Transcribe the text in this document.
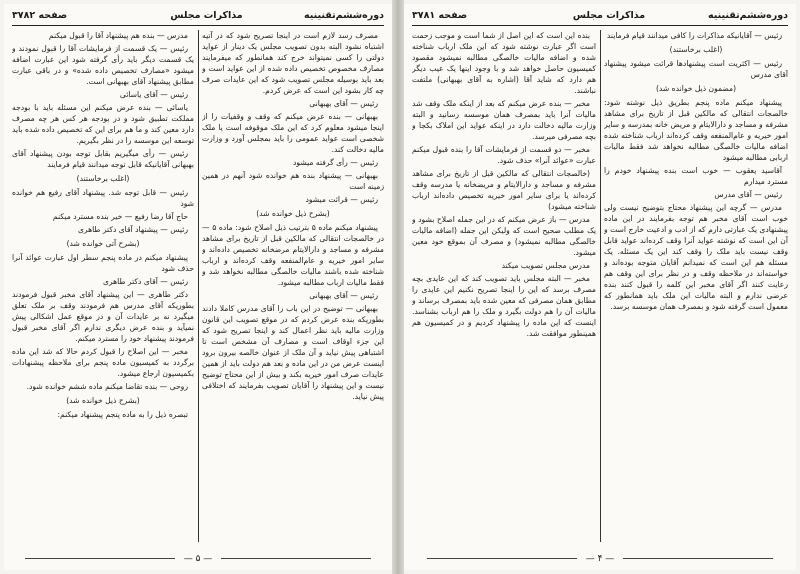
دوره‌ششم‌تقنینیه
مذاکرات مجلس
صفحه ۳۷۸۲

مصرف رسد لازم است در اینجا تصریح شود که در آتیه اشتباه نشود البته بدون تصویب مجلس یک دینار از عواید دولتی را کسی نمیتواند خرج کند همانطور که میفرمایند مصارف مخصوص تخصیص داده شده از این عواید است و بعد باید بوسیله مجلس تصویب شود که این عایدات صرف چه کار بشود این است که عرض کردم.

رئیس — آقای بهبهانی

بهبهانی — بنده عرض میکنم که وقف و وقفیات را از اینجا میشود معلوم کرد که این ملک موقوفه است یا ملک شخصی است عواید عمومی را باید بمجلس آورد و وزارت مالیه دخالت کند.

رئیس — رأی گرفته میشود

بهبهانی — پیشنهاد بنده هم خوانده شود آنهم در همین زمینه است

رئیس — قرائت میشود

(بشرح ذیل خوانده شد)

پیشنهاد میکنم ماده ۵ بترتیب ذیل اصلاح شود: ماده ۵ — در خالصجات انتقالی که مالکین قبل از تاریخ برای مشاهد مشرفه و مساجد و دارالایتام مرضخانه تخصیص داده‌اند و سایر امور خیریه و عام‌المنفعه وقف کرده‌اند و ارباب شناخته شده باشند مالیات خالصگی مطالبه نخواهد شد و فقط مالیات ارباب مطالبه میشود.

رئیس — آقای بهبهانی

بهبهانی — توضیح در این باب را آقای مدرس کاملا دادند بطوریکه بنده عرض کردم که در موقع تصویب این قانون وزارت مالیه باید نظر اعمال کند و اینجا تصریح شود که این جزء اوقاف است و مصارف آن مشخص است تا اشتباهی پیش نیاید و آن ملک از عنوان خالصه بیرون برود اینست عرض من در این ماده و بعد هم دولت باید از همین عایدات صرف امور خیریه بکند و بیش از این محتاج توضیح نیست و این پیشنهاد را آقایان تصویب بفرمایند که اختلافی پیش نیاید.

مدرس — بنده هم پیشنهاد آقا را قبول میکنم

رئیس — یک قسمت از فرمایشات آقا را قبول نمودند و یک قسمت دیگر باید رأی گرفته شود این عبارت اضافه میشود «مصارف تخصیص داده شده» و در باقی عبارت مطابق پیشنهاد آقای بهبهانی است.

رئیس — آقای یاسائی

یاسائی — بنده عرض میکنم این مسئله باید با بودجه مملکت تطبیق شود و در بودجه هر کس هر چه مصرف دارد معین کند و ما هم برای این که تخصیص داده شده باید توسعه این موسسه را در نظر بگیریم.

رئیس — رأی میگیریم بقابل توجه بودن پیشنهاد آقای بهبهانی آقایانیکه قابل توجه میدانند قیام فرمایند

(اغلب برخاستند)

رئیس — قابل توجه شد. پیشنهاد آقای رفیع هم خوانده شود

حاج آقا رضا رفیع — خیر بنده مسترد میکنم

رئیس — پیشنهاد آقای دکتر طاهری

(بشرح آتی خوانده شد)

پیشنهاد میکنم در ماده پنجم سطر اول عبارت عوائد آنرا حذف شود

رئیس — آقای دکتر طاهری

دکتر طاهری — این پیشنهاد آقای مخبر قبول فرمودند بطوریکه آقای مدرس هم فرمودند وقف بر ملک تعلق میگیرد نه بر عایدات آن و در موقع عمل اشکالی پیش نمیآید و بنده عرض دیگری ندارم اگر آقای مخبر قبول فرمودند پیشنهاد خود را مسترد میکنم.

مخبر — این اصلاح را قبول کردم حالا که شد این ماده برگردد به کمیسیون ماده پنجم برای ملاحظه پیشنهادات بکمیسیون ارجاع میشود.

روحی — بنده تقاضا میکنم ماده ششم خوانده شود.

(بشرح ذیل خوانده شد)

تبصره ذیل را به ماده پنجم پیشنهاد میکنم:

— ۵ —
دوره‌ششم‌تقنینیه
مذاکرات مجلس
صفحه ۳۷۸۱

رئیس — آقایانیکه مذاکرات را کافی میدانند قیام فرمایند

(اغلب برخاستند)

رئیس — اکثریت است پیشنهادها قرائت میشود پیشنهاد آقای مدرس

(مضمون ذیل خوانده شد)

پیشنهاد میکنم ماده پنجم بطریق ذیل نوشته شود: خالصجات انتقالی که مالکین قبل از تاریخ برای مشاهد مشرفه و مساجد و دارالایتام و مریض خانه بمدرسه و سایر امور خیریه و عام‌المنفعه وقف کرده‌اند ارباب شناخته شده اضافه مالیات خالصگی مطالبه نخواهد شد فقط مالیات اربابی مطالبه میشود

آقاسید یعقوب — خوب است بنده پیشنهاد خودم را مسترد میدارم

رئیس — آقای مدرس

مدرس — گرچه این پیشنهاد محتاج بتوضیح نیست ولی خوب است آقای مخبر هم توجه بفرمایند در این ماده پیشنهادی یک عبارتی دارم که از ادب و ادعیت خارج است و آن این است که نوشته عواید آنرا وقف کرده‌اند عواید قابل وقف نیست باید ملک را وقف کند این یک مسئله. یک مسئله هم این است که نمیدانم آقایان متوجه بوده‌اند و خواسته‌اند در ملاحظه وقف و در نظر برای این وقف هم رعایت کنند اگر آقای مخبر این کلمه را قبول کنند بنده عرضی ندارم و البته مالیات این ملک باید همانطور که معمول است گرفته شود و بمصرف همان موسسه برسد.

بنده این است که این اصل از شما است و موجب زحمت است اگر عبارت نوشته شود که این ملک ارباب شناخته شده و اضافه مالیات خالصگی مطالبه نمیشود مقصود کمیسیون حاصل خواهد شد و با وجود اینها یک عیب دیگر هم دارد که شاید آقا (اشاره به آقای بهبهانی) ملتفت نباشند.

مخبر — بنده عرض میکنم که بعد از اینکه ملک وقف شد مالیات آنرا باید بمصرف همان موسسه رسانید و البته وزارت مالیه دخالت دارد در اینکه عواید این املاک بکجا و بچه مصرفی میرسد.

مخبر — دو قسمت از فرمایشات آقا را بنده قبول میکنم عبارت «عوائد آنرا» حذف شود.

(خالصجات انتقالی که مالکین قبل از تاریخ برای مشاهد مشرفه و مساجد و دارالایتام و مریضخانه یا مدرسه وقف کرده‌اند یا برای سایر امور خیریه تخصیص داده‌اند ارباب شناخته میشود)

مدرس — باز عرض میکنم که در این جمله اصلاح بشود و یک مطلب صحیح است که ولیکن این جمله (اضافه مالیات خالصگی مطالبه نمیشود) و مصرف آن بموقع خود معین میشود.

مدرس مجلس تصویب میکند

مخبر — البته مجلس باید تصویب کند که این عایدی بچه مصرف برسد که این را اینجا تصریح نکنیم این عایدی را مطابق همان مصرفی که معین شده باید بمصرف برساند و مالیات آن را هم دولت بگیرد و ملک را هم ارباب بشناسد. اینست که این ماده را پیشنهاد کردیم و در کمیسیون هم همینطور موافقت شد.

— ۴ —
